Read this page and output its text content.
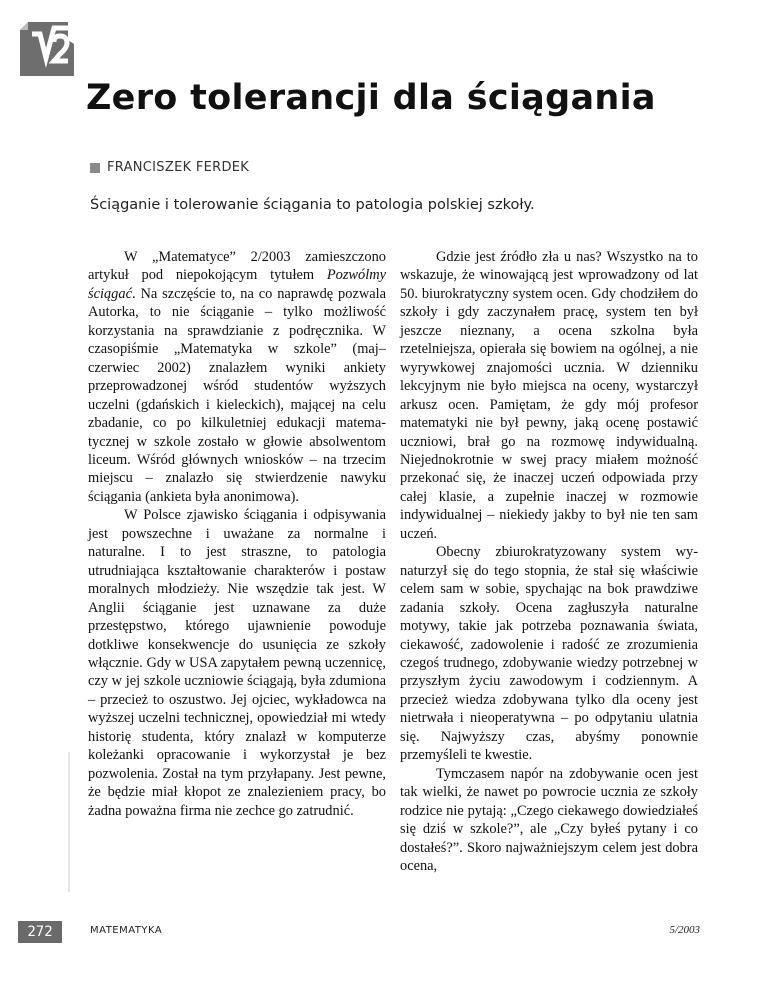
Zero tolerancji dla ściągania
FRANCISZEK FERDEK

Ściąganie i tolerowanie ściągania to patologia polskiej szkoły.

W „Matematyce” 2/2003 zamieszczono artykuł pod niepokojącym tytułem Pozwólmy ściągać. Na szczęście to, na co naprawdę pozwala Autorka, to nie ściąganie – tylko możliwość korzystania na sprawdzianie z podręcznika. W czasopiśmie „Matematyka w szkole” (maj–czerwiec 2002) znalazłem wyniki ankiety przeprowadzonej wśród studentów wyższych uczelni (gdańskich i kieleckich), mającej na celu zbadanie, co po kilkuletniej edukacji matematycznej w szkole zostało w głowie absolwentom liceum. Wśród głównych wniosków – na trzecim miejscu – znalazło się stwierdzenie nawyku ściągania (ankieta była anonimowa).

W Polsce zjawisko ściągania i odpisywania jest powszechne i uważane za normalne i naturalne. I to jest straszne, to patologia utrudniająca kształtowanie charakterów i postaw moralnych młodzieży. Nie wszędzie tak jest. W Anglii ściąganie jest uznawane za duże przestępstwo, którego ujawnienie powoduje dotkliwe konsekwencje do usunięcia ze szkoły włącznie. Gdy w USA zapytałem pewną uczennicę, czy w jej szkole uczniowie ściągają, była zdumiona – przecież to oszustwo. Jej ojciec, wykładowca na wyższej uczelni technicznej, opowiedział mi wtedy historię studenta, który znalazł w komputerze koleżanki opracowanie i wykorzystał je bez pozwolenia. Został na tym przyłapany. Jest pewne, że będzie miał kłopot ze znalezieniem pracy, bo żadna poważna firma nie zechce go zatrudnić.

Gdzie jest źródło zła u nas? Wszystko na to wskazuje, że winowającą jest wprowadzony od lat 50. biurokratyczny system ocen. Gdy chodziłem do szkoły i gdy zaczynałem pracę, system ten był jeszcze nieznany, a ocena szkolna była rzetelniejsza, opierała się bowiem na ogólnej, a nie wyrywkowej znajomości ucznia. W dzienniku lekcyjnym nie było miejsca na oceny, wystarczył arkusz ocen. Pamiętam, że gdy mój profesor matematyki nie był pewny, jaką ocenę postawić uczniowi, brał go na rozmowę indywidualną. Niejednokrotnie w swej pracy miałem możność przekonać się, że inaczej uczeń odpowiada przy całej klasie, a zupełnie inaczej w rozmowie indywidualnej – niekiedy jakby to był nie ten sam uczeń.

Obecny zbiurokratyzowany system wynaturzył się do tego stopnia, że stał się właściwie celem sam w sobie, spychając na bok prawdziwe zadania szkoły. Ocena zagłuszyła naturalne motywy, takie jak potrzeba poznawania świata, ciekawość, zadowolenie i radość ze zrozumienia czegoś trudnego, zdobywanie wiedzy potrzebnej w przyszłym życiu zawodowym i codziennym. A przecież wiedza zdobywana tylko dla oceny jest nietrwała i nieoperatywna – po odpytaniu ulatnia się. Najwyższy czas, abyśmy ponownie przemyśleli te kwestie.

Tymczasem napór na zdobywanie ocen jest tak wielki, że nawet po powrocie ucznia ze szkoły rodzice nie pytają: „Czego ciekawego dowiedziałeś się dziś w szkole?”, ale „Czy byłeś pytany i co dostałeś?”. Skoro najważniejszym celem jest dobra ocena,

272	MATEMATYKA	5/2003
